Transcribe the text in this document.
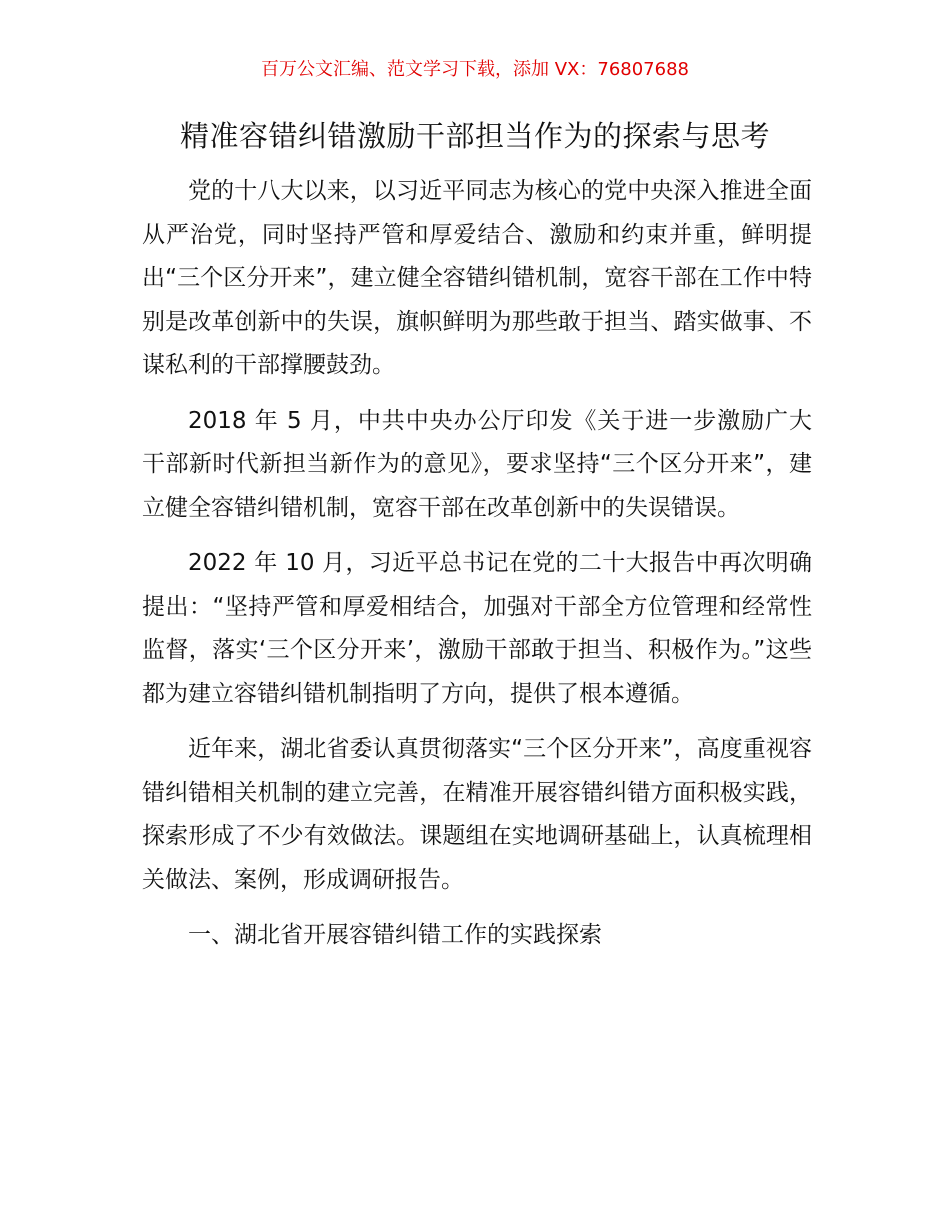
百万公文汇编、范文学习下载，添加 VX：76807688
精准容错纠错激励干部担当作为的探索与思考

党的十八大以来，以习近平同志为核心的党中央深入推进全面从严治党，同时坚持严管和厚爱结合、激励和约束并重，鲜明提出“三个区分开来”，建立健全容错纠错机制，宽容干部在工作中特别是改革创新中的失误，旗帜鲜明为那些敢于担当、踏实做事、不谋私利的干部撑腰鼓劲。

2018 年 5 月，中共中央办公厅印发《关于进一步激励广大干部新时代新担当新作为的意见》，要求坚持“三个区分开来”，建立健全容错纠错机制，宽容干部在改革创新中的失误错误。

2022 年 10 月，习近平总书记在党的二十大报告中再次明确提出：“坚持严管和厚爱相结合，加强对干部全方位管理和经常性监督，落实‘三个区分开来’，激励干部敢于担当、积极作为。”这些都为建立容错纠错机制指明了方向，提供了根本遵循。

近年来，湖北省委认真贯彻落实“三个区分开来”，高度重视容错纠错相关机制的建立完善，在精准开展容错纠错方面积极实践，探索形成了不少有效做法。课题组在实地调研基础上，认真梳理相关做法、案例，形成调研报告。

一、湖北省开展容错纠错工作的实践探索
